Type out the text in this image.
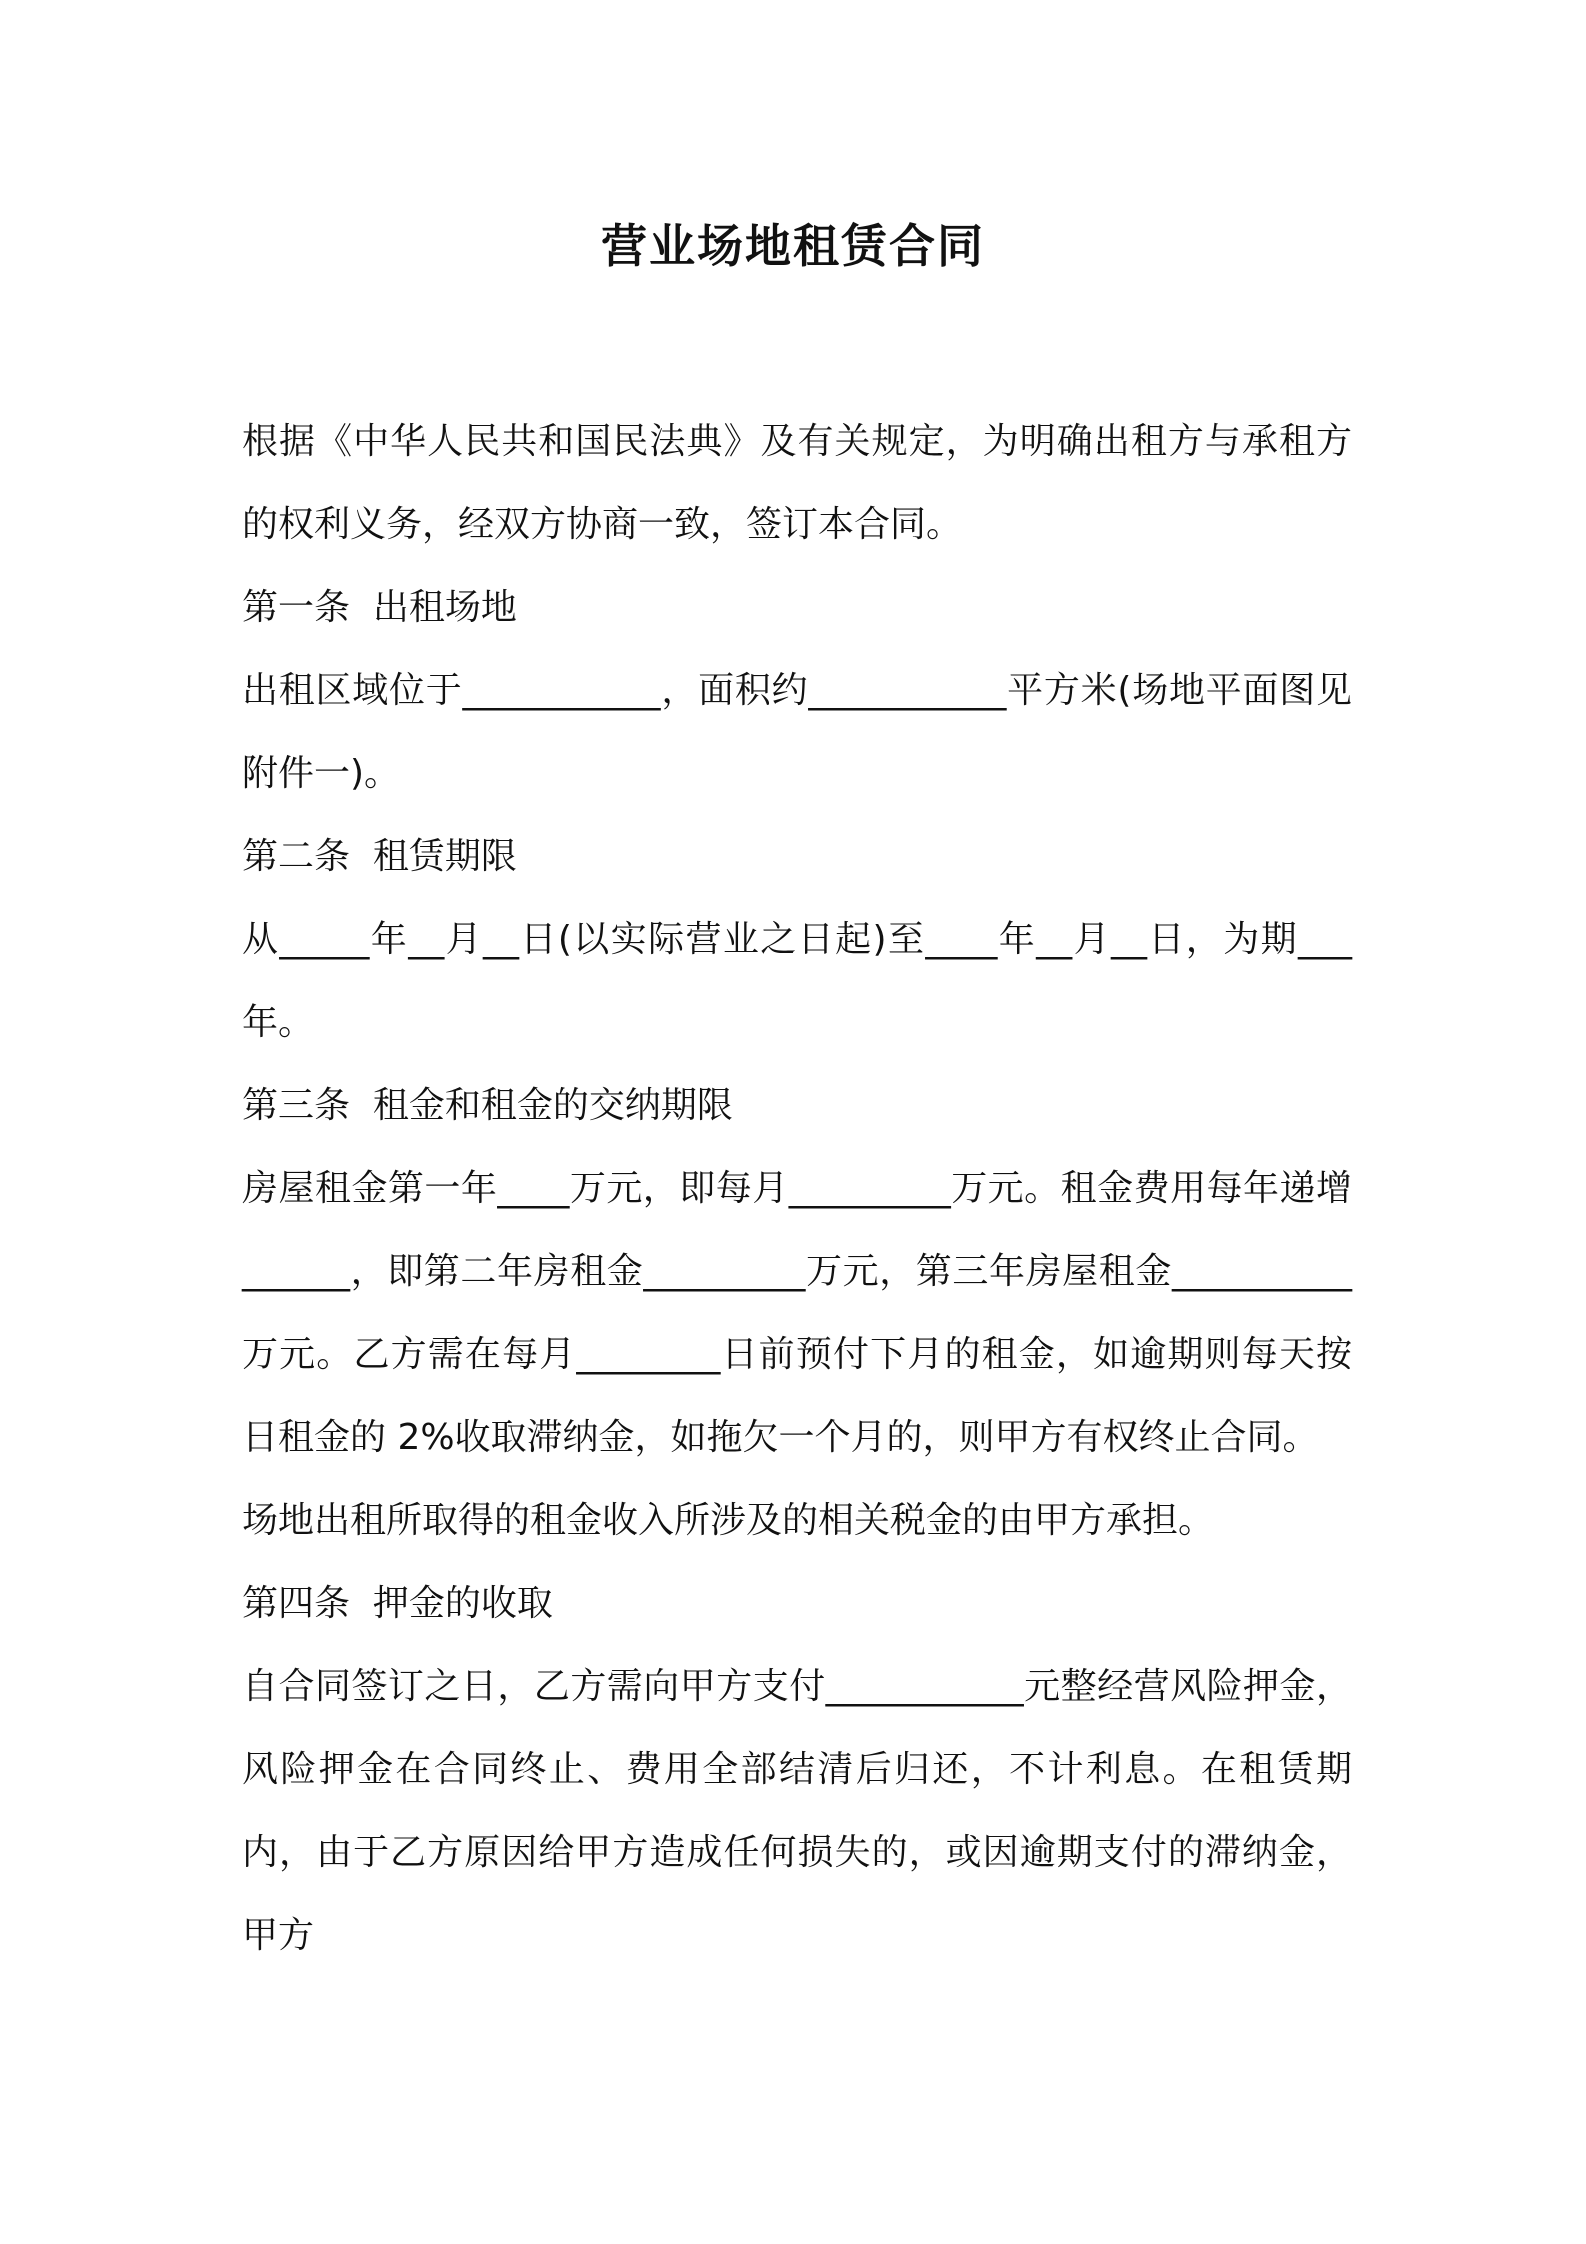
营业场地租赁合同

根据《中华人民共和国民法典》及有关规定，为明确出租方与承租方的权利义务，经双方协商一致，签订本合同。

第一条  出租场地

出租区域位于___________，面积约___________平方米(场地平面图见附件一)。

第二条  租赁期限

从_____年__月__日(以实际营业之日起)至____年__月__日，为期___年。

第三条  租金和租金的交纳期限

房屋租金第一年____万元，即每月_________万元。租金费用每年递增______，即第二年房租金_________万元，第三年房屋租金__________万元。乙方需在每月________日前预付下月的租金，如逾期则每天按日租金的 2%收取滞纳金，如拖欠一个月的，则甲方有权终止合同。

场地出租所取得的租金收入所涉及的相关税金的由甲方承担。

第四条  押金的收取

自合同签订之日，乙方需向甲方支付___________元整经营风险押金，风险押金在合同终止、费用全部结清后归还，不计利息。在租赁期内，由于乙方原因给甲方造成任何损失的，或因逾期支付的滞纳金，甲方
